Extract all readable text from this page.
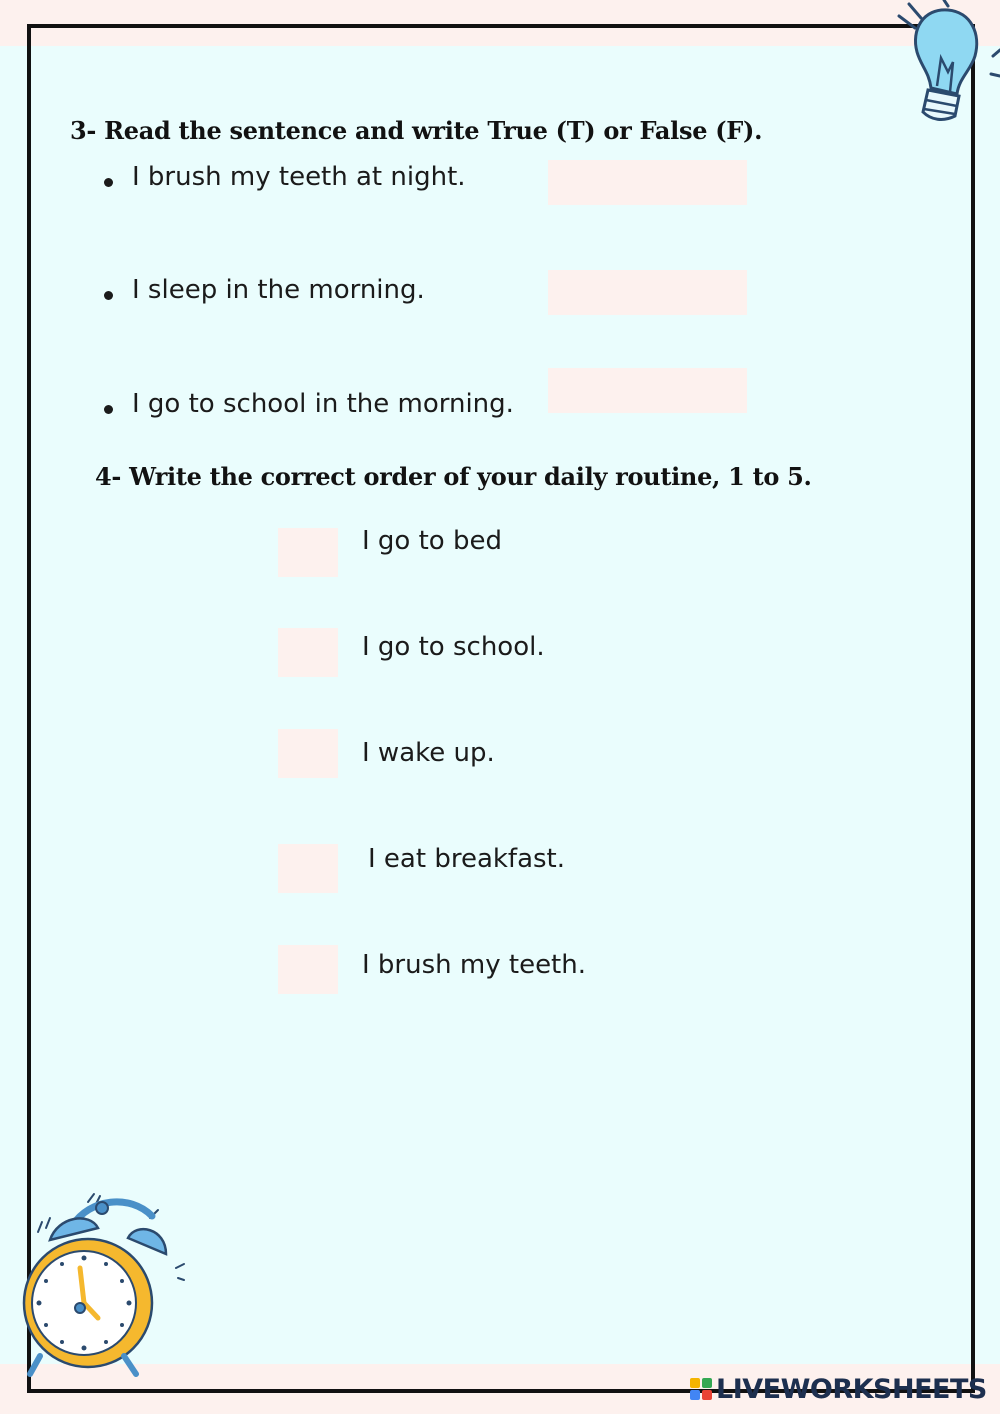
3- Read the sentence and write True (T) or False (F).
I brush my teeth at night.
I sleep in the morning.
I go to school in the morning.
4- Write the correct order of your daily routine, 1 to 5.
I go to bed
I go to school.
I wake up.
I eat breakfast.
I brush my teeth.
LIVEWORKSHEETS
